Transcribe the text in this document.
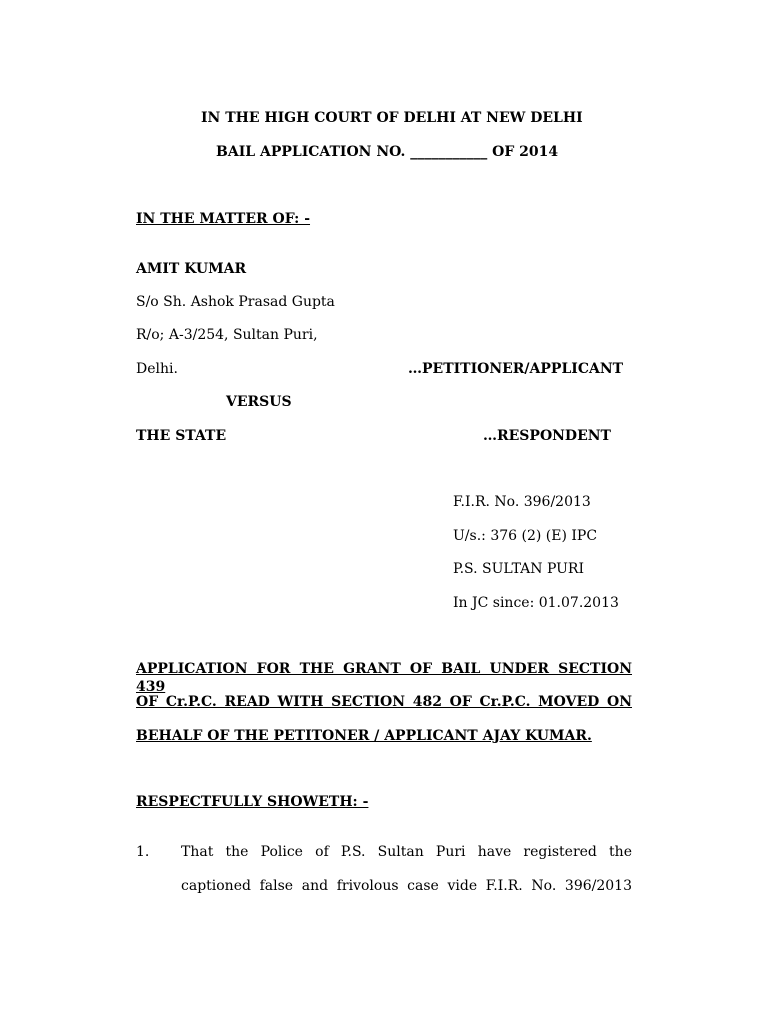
IN THE HIGH COURT OF DELHI AT NEW DELHI
BAIL APPLICATION NO. ___________ OF 2014
IN THE MATTER OF: -
AMIT KUMAR
S/o Sh. Ashok Prasad Gupta
R/o; A-3/254, Sultan Puri,
Delhi.	…PETITIONER/APPLICANT
VERSUS
THE STATE	…RESPONDENT
F.I.R. No. 396/2013
U/s.: 376 (2) (E) IPC
P.S. SULTAN PURI
In JC since: 01.07.2013
APPLICATION FOR THE GRANT OF BAIL UNDER SECTION 439
OF Cr.P.C. READ WITH SECTION 482 OF Cr.P.C. MOVED ON
BEHALF OF THE PETITONER / APPLICANT AJAY KUMAR.
RESPECTFULLY SHOWETH: -
1. That the Police of P.S. Sultan Puri have registered the
captioned false and frivolous case vide F.I.R. No. 396/2013
